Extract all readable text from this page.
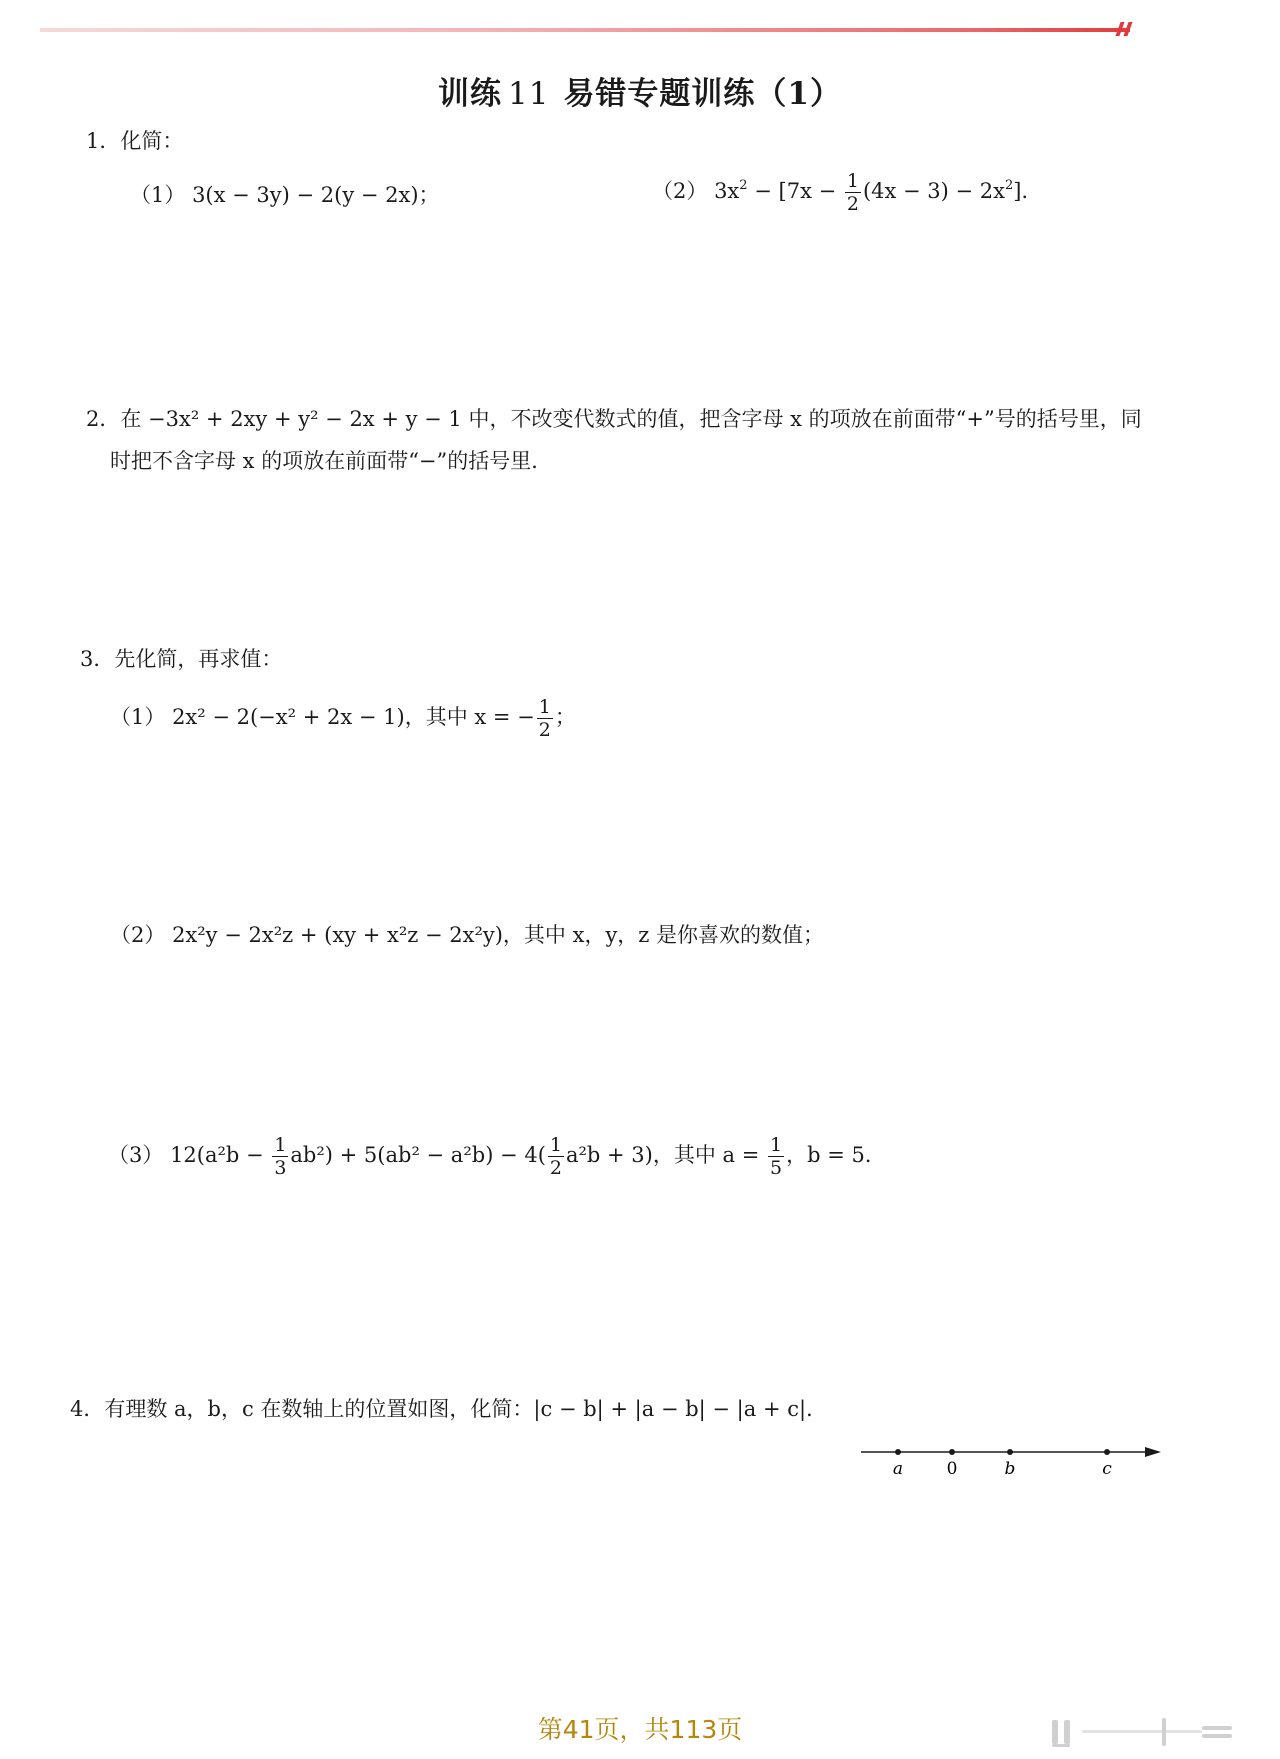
训练 11 易错专题训练（1）
1．化简：
（1） 3(x − 3y) − 2(y − 2x)；	（2） $3x^2 - [7x - \frac{1}{2} (4x - 3) - 2x^2]$．
2．在 −3x² + 2xy + y² − 2x + y − 1 中，不改变代数式的值，把含字母 x 的项放在前面带“+”号的括号里，同
时把不含字母 x 的项放在前面带“−”的括号里．
3．先化简，再求值：
（1） 2x² − 2(−x² + 2x − 1)，其中 x = − $\frac{1}{2}$ ；
（2） 2x²y − 2x²z + (xy + x²z − 2x²y)，其中 x，y，z 是你喜欢的数值；
（3） $12(a^2b - \frac{1}{3} ab^2) + 5(ab^2 - a^2b) - 4( \frac{1}{2} a^2b + 3)$，其中 $a = \frac{1}{5}$ ，b = 5．
4．有理数 a，b，c 在数轴上的位置如图，化简：|c − b| + |a − b| − |a + c|．
a	0	b	c
第41页，共113页
